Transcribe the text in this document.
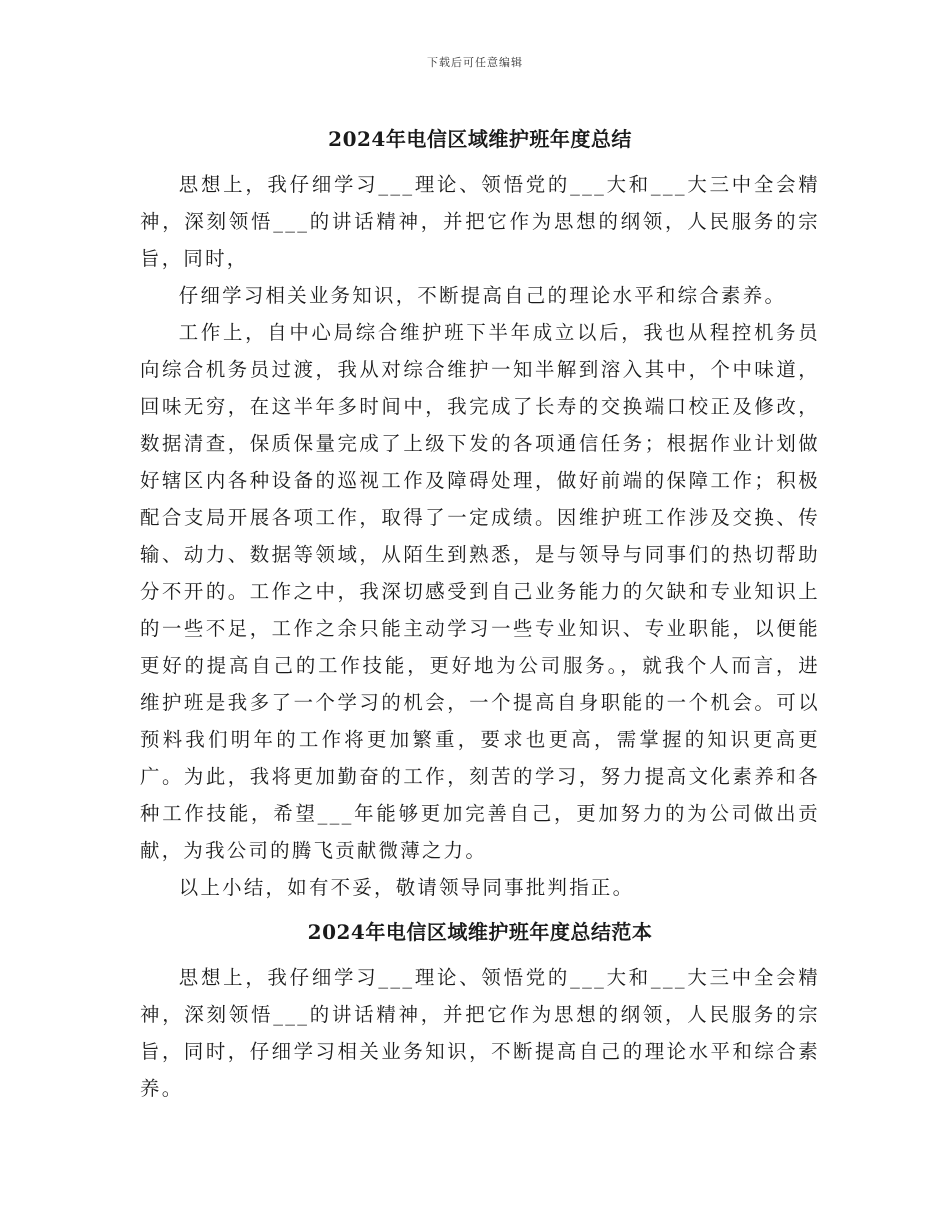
下载后可任意编辑
2024年电信区域维护班年度总结

思想上，我仔细学习___理论、领悟党的___大和___大三中全会精神，深刻领悟___的讲话精神，并把它作为思想的纲领，人民服务的宗旨，同时，

仔细学习相关业务知识，不断提高自己的理论水平和综合素养。

工作上，自中心局综合维护班下半年成立以后，我也从程控机务员向综合机务员过渡，我从对综合维护一知半解到溶入其中，个中味道，回味无穷，在这半年多时间中，我完成了长寿的交换端口校正及修改，数据清查，保质保量完成了上级下发的各项通信任务；根据作业计划做好辖区内各种设备的巡视工作及障碍处理，做好前端的保障工作；积极配合支局开展各项工作，取得了一定成绩。因维护班工作涉及交换、传输、动力、数据等领域，从陌生到熟悉，是与领导与同事们的热切帮助分不开的。工作之中，我深切感受到自己业务能力的欠缺和专业知识上的一些不足，工作之余只能主动学习一些专业知识、专业职能，以便能更好的提高自己的工作技能，更好地为公司服务。，就我个人而言，进维护班是我多了一个学习的机会，一个提高自身职能的一个机会。可以预料我们明年的工作将更加繁重，要求也更高，需掌握的知识更高更广。为此，我将更加勤奋的工作，刻苦的学习，努力提高文化素养和各种工作技能，希望___年能够更加完善自己，更加努力的为公司做出贡献，为我公司的腾飞贡献微薄之力。

以上小结，如有不妥，敬请领导同事批判指正。

2024年电信区域维护班年度总结范本

思想上，我仔细学习___理论、领悟党的___大和___大三中全会精神，深刻领悟___的讲话精神，并把它作为思想的纲领，人民服务的宗旨，同时，仔细学习相关业务知识，不断提高自己的理论水平和综合素养。
